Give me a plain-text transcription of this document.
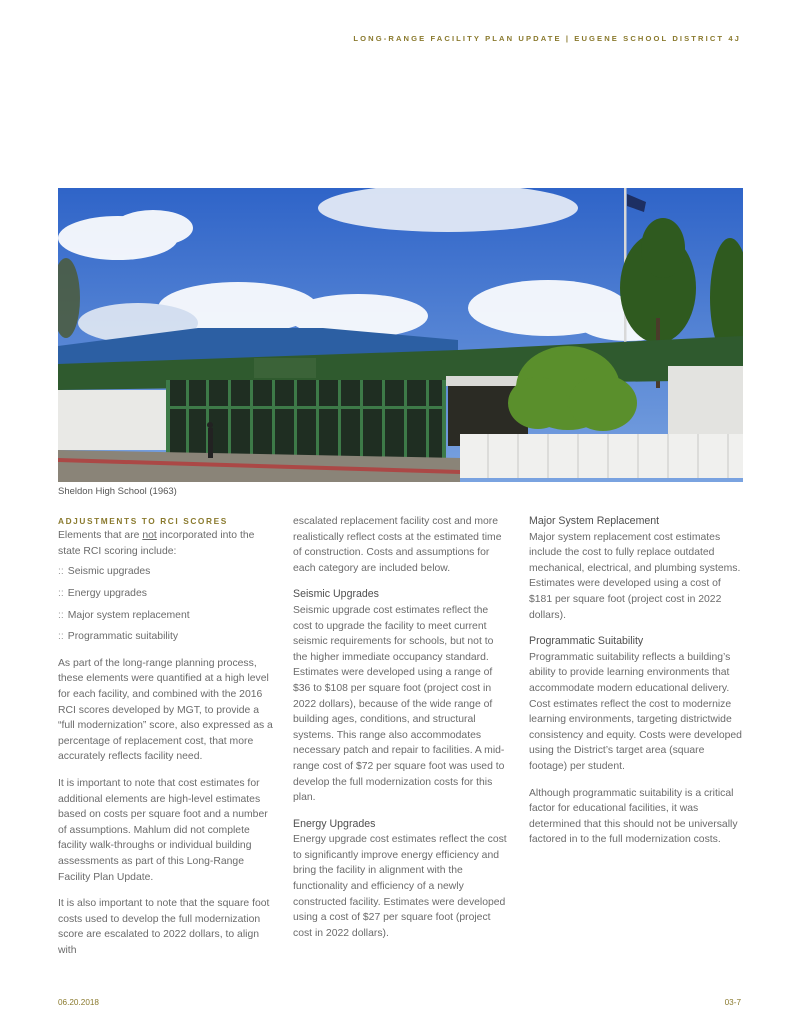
LONG-RANGE FACILITY PLAN UPDATE | EUGENE SCHOOL DISTRICT 4J
Sheldon High School (1963)
ADJUSTMENTS TO RCI SCORES

Elements that are not incorporated into the state RCI scoring include:

:: Seismic upgrades
:: Energy upgrades
:: Major system replacement
:: Programmatic suitability

As part of the long-range planning process, these elements were quantified at a high level for each facility, and combined with the 2016 RCI scores developed by MGT, to provide a “full modernization” score, also expressed as a percentage of replacement cost, that more accurately reflects facility need.

It is important to note that cost estimates for additional elements are high-level estimates based on costs per square foot and a number of assumptions. Mahlum did not complete facility walk-throughs or individual building assessments as part of this Long-Range Facility Plan Update.

It is also important to note that the square foot costs used to develop the full modernization score are escalated to 2022 dollars, to align with

escalated replacement facility cost and more realistically reflect costs at the estimated time of construction. Costs and assumptions for each category are included below.

Seismic Upgrades

Seismic upgrade cost estimates reflect the cost to upgrade the facility to meet current seismic requirements for schools, but not to the higher immediate occupancy standard. Estimates were developed using a range of $36 to $108 per square foot (project cost in 2022 dollars), because of the wide range of building ages, conditions, and structural systems. This range also accommodates necessary patch and repair to facilities. A mid-range cost of $72 per square foot was used to develop the full modernization costs for this plan.

Energy Upgrades

Energy upgrade cost estimates reflect the cost to significantly improve energy efficiency and bring the facility in alignment with the functionality and efficiency of a newly constructed facility. Estimates were developed using a cost of $27 per square foot (project cost in 2022 dollars).

Major System Replacement

Major system replacement cost estimates include the cost to fully replace outdated mechanical, electrical, and plumbing systems. Estimates were developed using a cost of $181 per square foot (project cost in 2022 dollars).

Programmatic Suitability

Programmatic suitability reflects a building’s ability to provide learning environments that accommodate modern educational delivery. Cost estimates reflect the cost to modernize learning environments, targeting districtwide consistency and equity. Costs were developed using the District’s target area (square footage) per student.

Although programmatic suitability is a critical factor for educational facilities, it was determined that this should not be universally factored in to the full modernization costs.

06.20.2018	03-7
